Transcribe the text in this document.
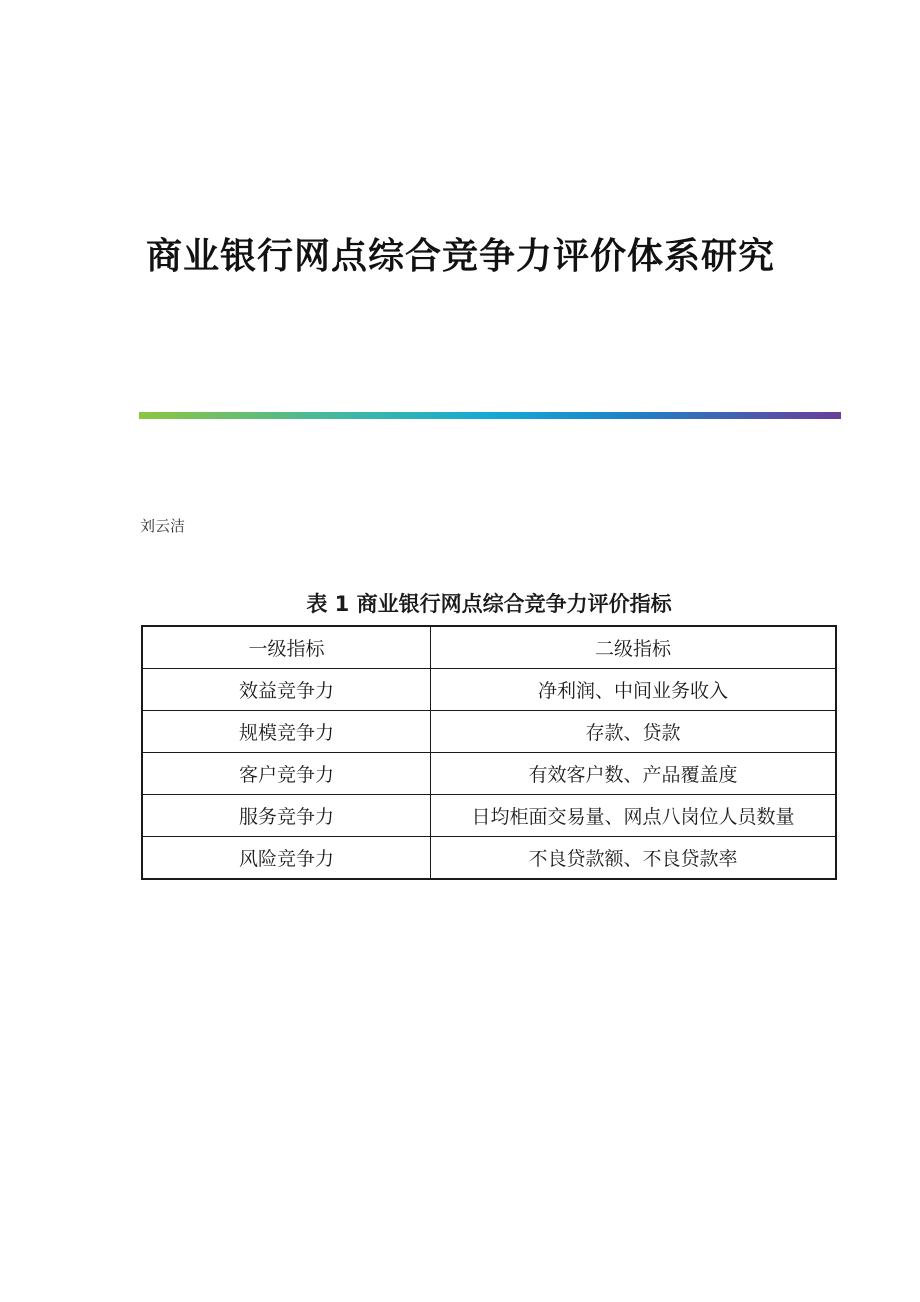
商业银行网点综合竞争力评价体系研究
刘云洁
表 1 商业银行网点综合竞争力评价指标
一级指标	二级指标
效益竞争力	净利润、中间业务收入
规模竞争力	存款、贷款
客户竞争力	有效客户数、产品覆盖度
服务竞争力	日均柜面交易量、网点八岗位人员数量
风险竞争力	不良贷款额、不良贷款率
